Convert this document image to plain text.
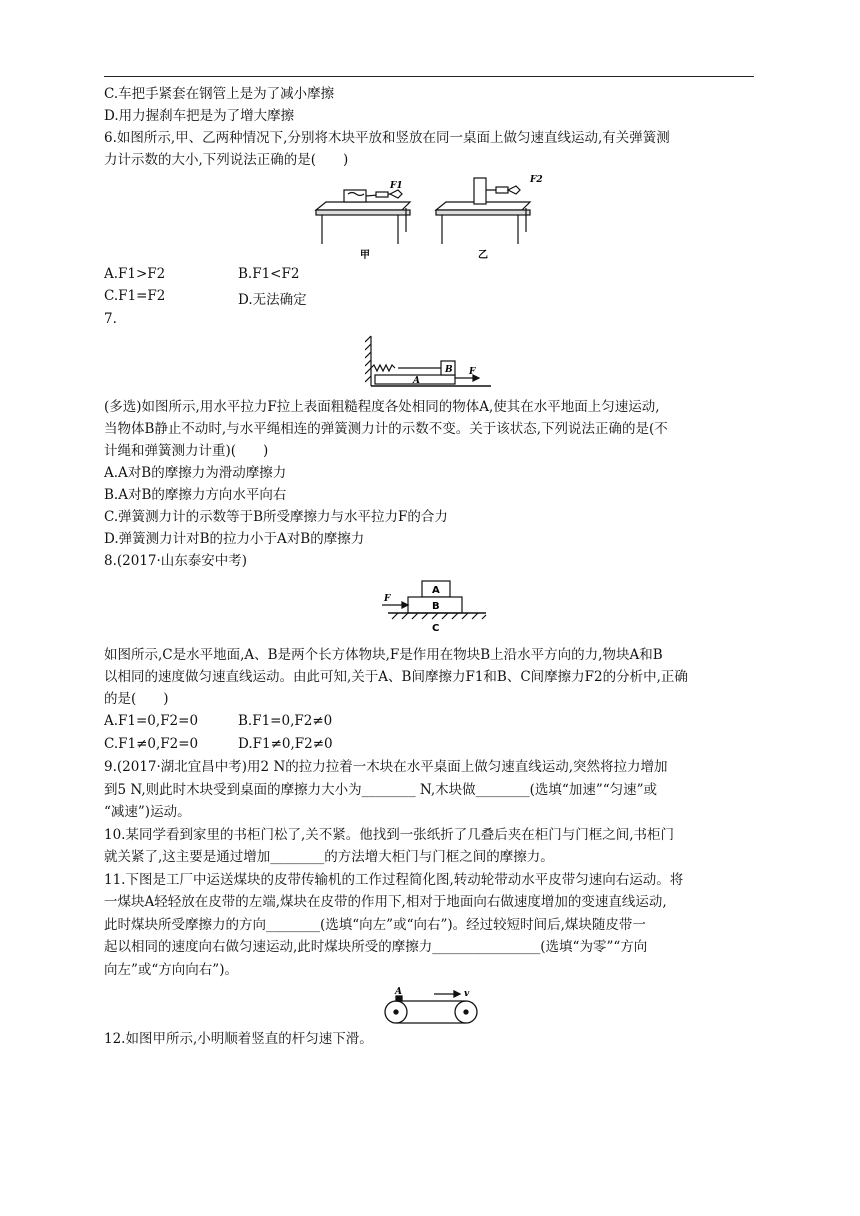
C.车把手紧套在钢管上是为了减小摩擦
D.用力握刹车把是为了增大摩擦
6.如图所示,甲、乙两种情况下,分别将木块平放和竖放在同一桌面上做匀速直线运动,有关弹簧测
力计示数的大小,下列说法正确的是(　　)
F1
F2
甲	乙
A.F1>F2	B.F1<F2
C.F1=F2	D.无法确定
7.
B
A
F
(多选)如图所示,用水平拉力F拉上表面粗糙程度各处相同的物体A,使其在水平地面上匀速运动,
当物体B静止不动时,与水平绳相连的弹簧测力计的示数不变。关于该状态,下列说法正确的是(不
计绳和弹簧测力计重)(　　)
A.A对B的摩擦力为滑动摩擦力
B.A对B的摩擦力方向水平向右
C.弹簧测力计的示数等于B所受摩擦力与水平拉力F的合力
D.弹簧测力计对B的拉力小于A对B的摩擦力
8.(2017·山东泰安中考)
A
B
C
F
如图所示,C是水平地面,A、B是两个长方体物块,F是作用在物块B上沿水平方向的力,物块A和B
以相同的速度做匀速直线运动。由此可知,关于A、B间摩擦力F1和B、C间摩擦力F2的分析中,正确
的是(　　)
A.F1=0,F2=0	B.F1=0,F2≠0
C.F1≠0,F2=0	D.F1≠0,F2≠0
9.(2017·湖北宜昌中考)用2 N的拉力拉着一木块在水平桌面上做匀速直线运动,突然将拉力增加
到5 N,则此时木块受到桌面的摩擦力大小为________ N,木块做________(选填“加速”“匀速”或
“减速”)运动。
10.某同学看到家里的书柜门松了,关不紧。他找到一张纸折了几叠后夹在柜门与门框之间,书柜门
就关紧了,这主要是通过增加________的方法增大柜门与门框之间的摩擦力。
11.下图是工厂中运送煤块的皮带传输机的工作过程简化图,转动轮带动水平皮带匀速向右运动。将
一煤块A轻轻放在皮带的左端,煤块在皮带的作用下,相对于地面向右做速度增加的变速直线运动,
此时煤块所受摩擦力的方向________(选填“向左”或“向右”)。经过较短时间后,煤块随皮带一
起以相同的速度向右做匀速运动,此时煤块所受的摩擦力________________(选填“为零”“方向
向左”或“方向向右”)。
A	v
12.如图甲所示,小明顺着竖直的杆匀速下滑。
